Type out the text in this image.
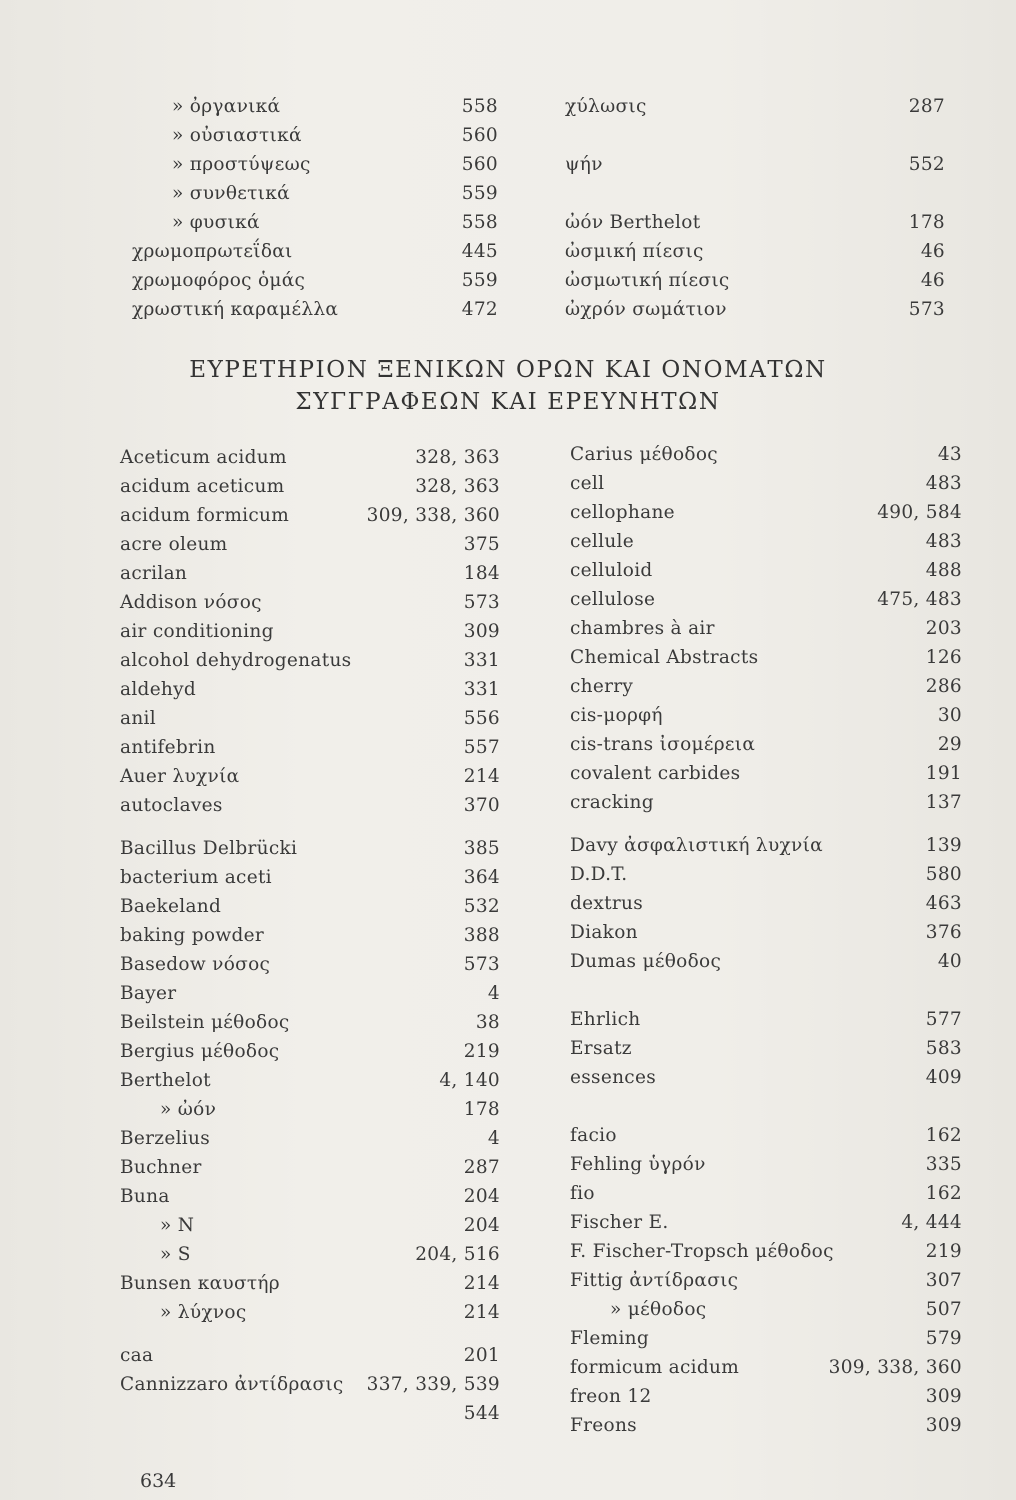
» ὀργανικά	558
» οὐσιαστικά	560
» προστύψεως	560
» συνθετικά	559
» φυσικά	558
χρωμοπρωτεΐδαι	445
χρωμοφόρος ὁμάς	559
χρωστική καραμέλλα	472
χύλωσις	287
ψήν	552
ὠόν Berthelot	178
ὠσμική πίεσις	46
ὠσμωτική πίεσις	46
ὠχρόν σωμάτιον	573
ΕΥΡΕΤΗΡΙΟΝ ΞΕΝΙΚΩΝ ΟΡΩΝ ΚΑΙ ΟΝΟΜΑΤΩΝ
ΣΥΓΓΡΑΦΕΩΝ ΚΑΙ ΕΡΕΥΝΗΤΩΝ
Aceticum acidum	328, 363
acidum aceticum	328, 363
acidum formicum	309, 338, 360
acre oleum	375
acrilan	184
Addison νόσος	573
air conditioning	309
alcohol dehydrogenatus	331
aldehyd	331
anil	556
antifebrin	557
Auer λυχνία	214
autoclaves	370
Bacillus Delbrücki	385
bacterium aceti	364
Baekeland	532
baking powder	388
Basedow νόσος	573
Bayer	4
Beilstein μέθοδος	38
Bergius μέθοδος	219
Berthelot	4, 140
» ὠόν	178
Berzelius	4
Buchner	287
Buna	204
» N	204
» S	204, 516
Bunsen καυστήρ	214
» λύχνος	214
caa	201
Cannizzaro ἀντίδρασις 337, 339, 539
544
Carius μέθοδος	43
cell	483
cellophane	490, 584
cellule	483
celluloid	488
cellulose	475, 483
chambres à air	203
Chemical Abstracts	126
cherry	286
cis-μορφή	30
cis-trans ἰσομέρεια	29
covalent carbides	191
cracking	137
Davy ἀσφαλιστική λυχνία	139
D.D.T.	580
dextrus	463
Diakon	376
Dumas μέθοδος	40
Ehrlich	577
Ersatz	583
essences	409
facio	162
Fehling ὑγρόν	335
fio	162
Fischer E.	4, 444
F. Fischer-Tropsch μέθοδος	219
Fittig ἀντίδρασις	307
» μέθοδος	507
Fleming	579
formicum acidum	309, 338, 360
freon 12	309
Freons	309
634
